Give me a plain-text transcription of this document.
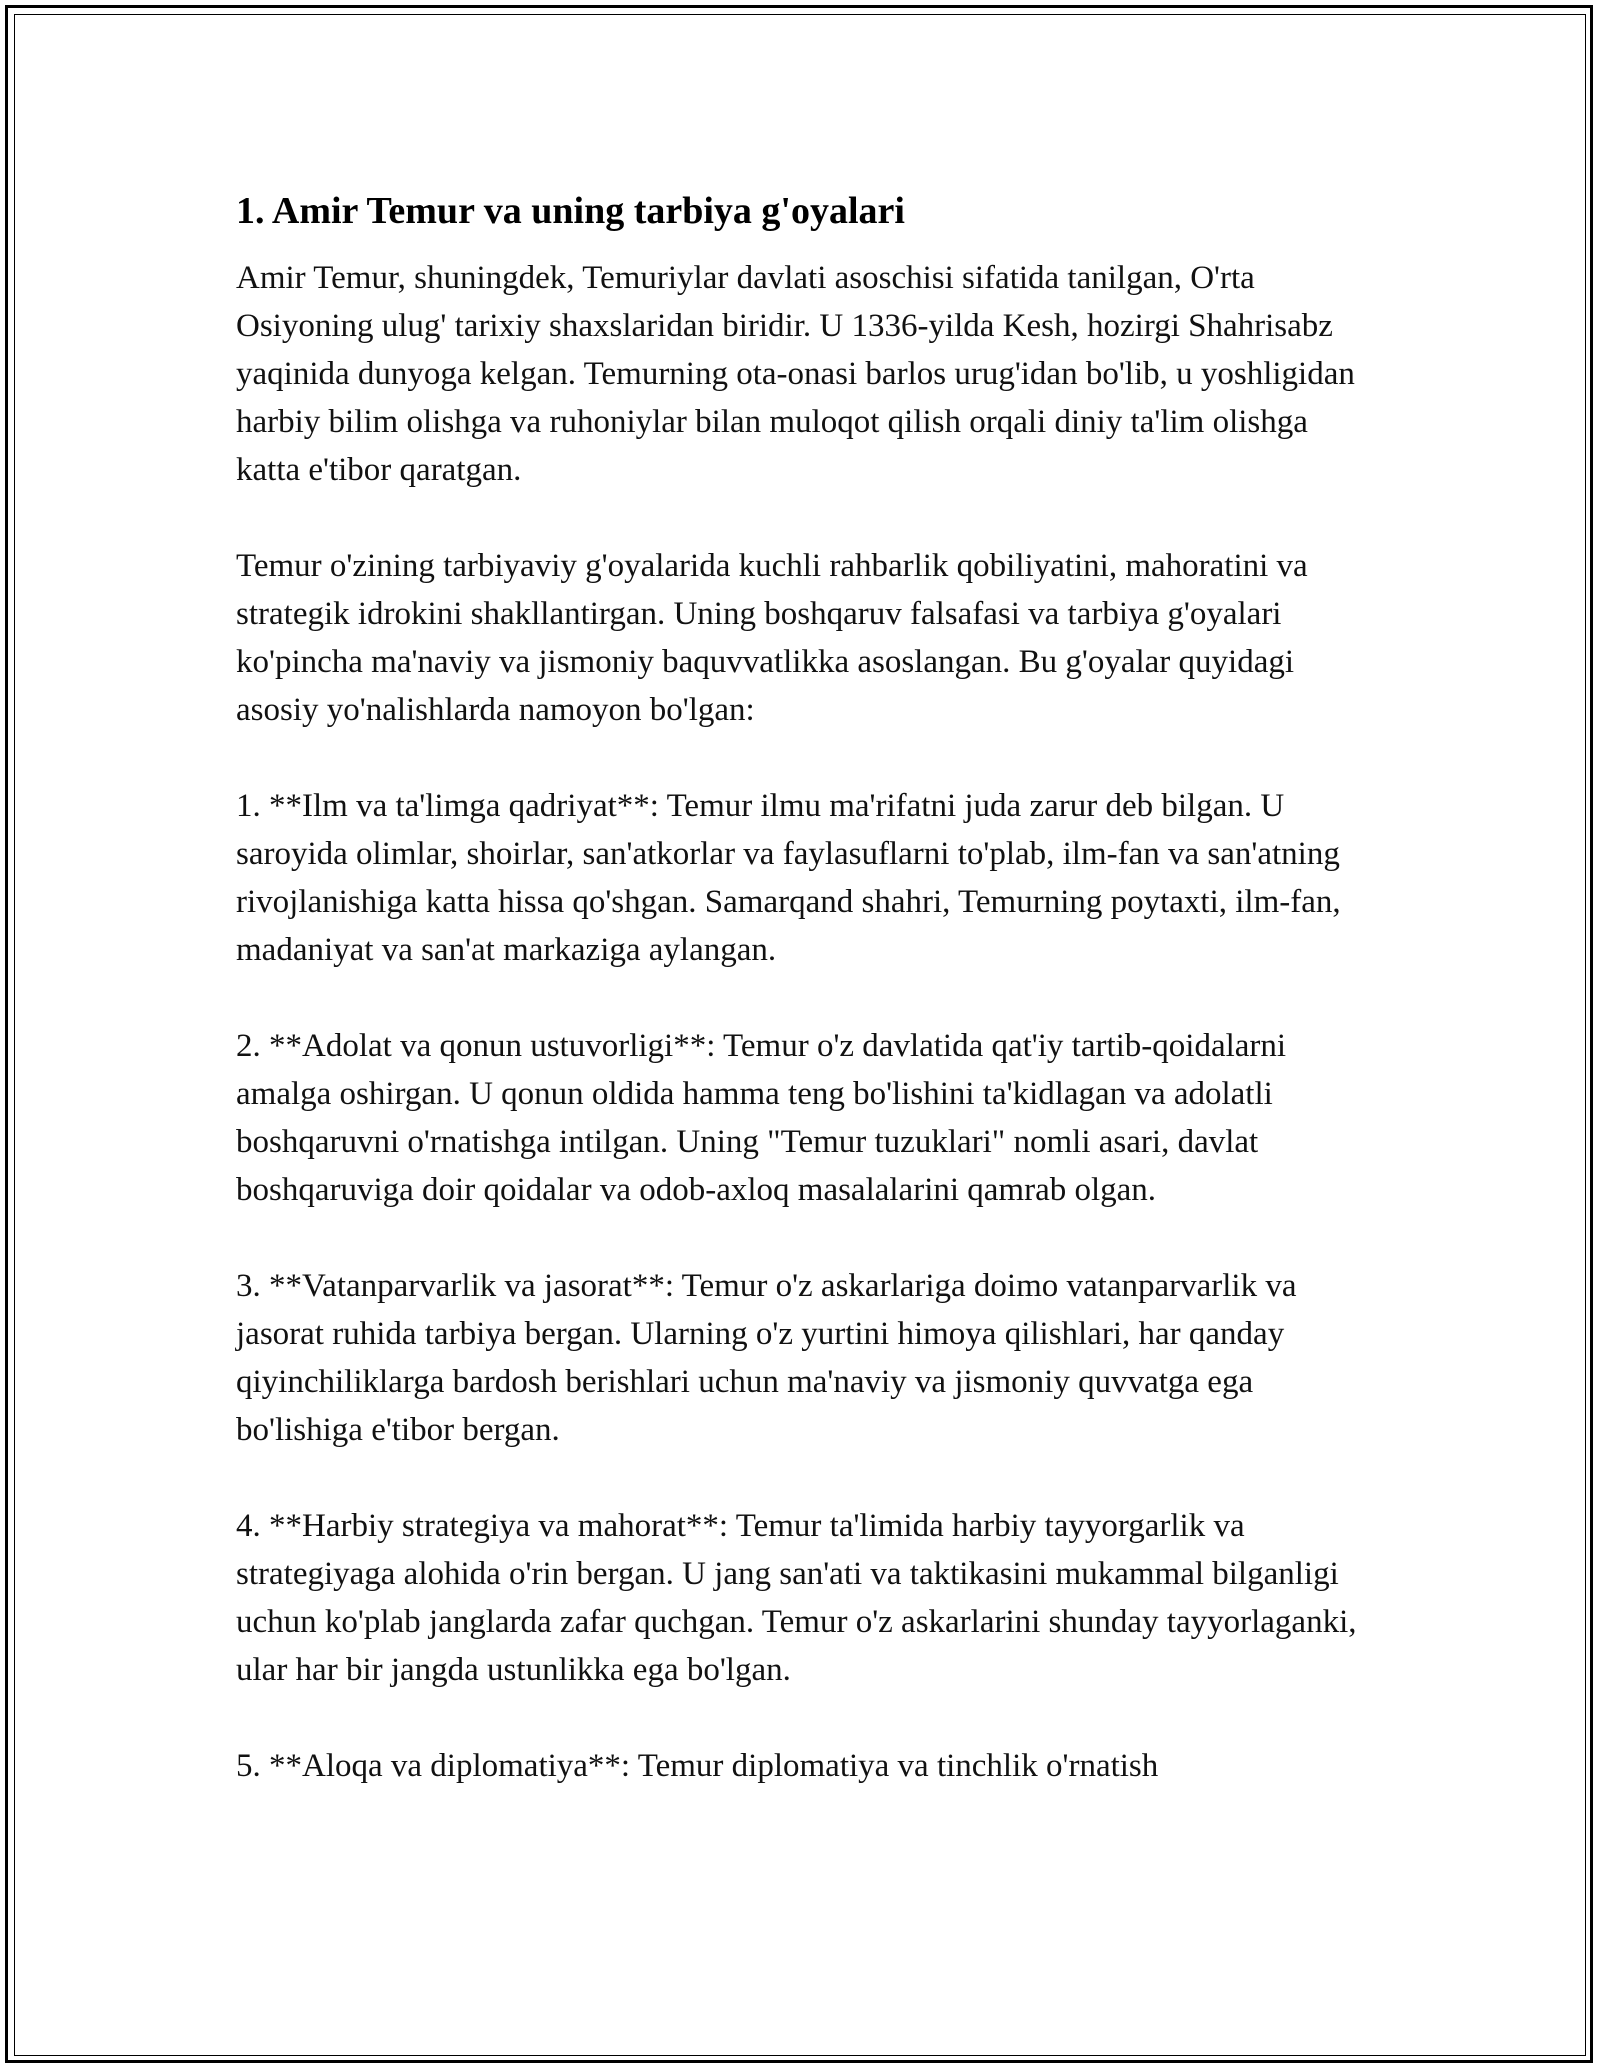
1. Amir Temur va uning tarbiya g'oyalari

Amir Temur, shuningdek, Temuriylar davlati asoschisi sifatida tanilgan, O'rta Osiyoning ulug' tarixiy shaxslaridan biridir. U 1336-yilda Kesh, hozirgi Shahrisabz yaqinida dunyoga kelgan. Temurning ota-onasi barlos urug'idan bo'lib, u yoshligidan harbiy bilim olishga va ruhoniylar bilan muloqot qilish orqali diniy ta'lim olishga katta e'tibor qaratgan.

Temur o'zining tarbiyaviy g'oyalarida kuchli rahbarlik qobiliyatini, mahoratini va strategik idrokini shakllantirgan. Uning boshqaruv falsafasi va tarbiya g'oyalari ko'pincha ma'naviy va jismoniy baquvvatlikka asoslangan. Bu g'oyalar quyidagi asosiy yo'nalishlarda namoyon bo'lgan:

1. **Ilm va ta'limga qadriyat**: Temur ilmu ma'rifatni juda zarur deb bilgan. U saroyida olimlar, shoirlar, san'atkorlar va faylasuflarni to'plab, ilm-fan va san'atning rivojlanishiga katta hissa qo'shgan. Samarqand shahri, Temurning poytaxti, ilm-fan, madaniyat va san'at markaziga aylangan.

2. **Adolat va qonun ustuvorligi**: Temur o'z davlatida qat'iy tartib-qoidalarni amalga oshirgan. U qonun oldida hamma teng bo'lishini ta'kidlagan va adolatli boshqaruvni o'rnatishga intilgan. Uning "Temur tuzuklari" nomli asari, davlat boshqaruviga doir qoidalar va odob-axloq masalalarini qamrab olgan.

3. **Vatanparvarlik va jasorat**: Temur o'z askarlariga doimo vatanparvarlik va jasorat ruhida tarbiya bergan. Ularning o'z yurtini himoya qilishlari, har qanday qiyinchiliklarga bardosh berishlari uchun ma'naviy va jismoniy quvvatga ega bo'lishiga e'tibor bergan.

4. **Harbiy strategiya va mahorat**: Temur ta'limida harbiy tayyorgarlik va strategiyaga alohida o'rin bergan. U jang san'ati va taktikasini mukammal bilganligi uchun ko'plab janglarda zafar quchgan. Temur o'z askarlarini shunday tayyorlaganki, ular har bir jangda ustunlikka ega bo'lgan.

5. **Aloqa va diplomatiya**: Temur diplomatiya va tinchlik o'rnatish
